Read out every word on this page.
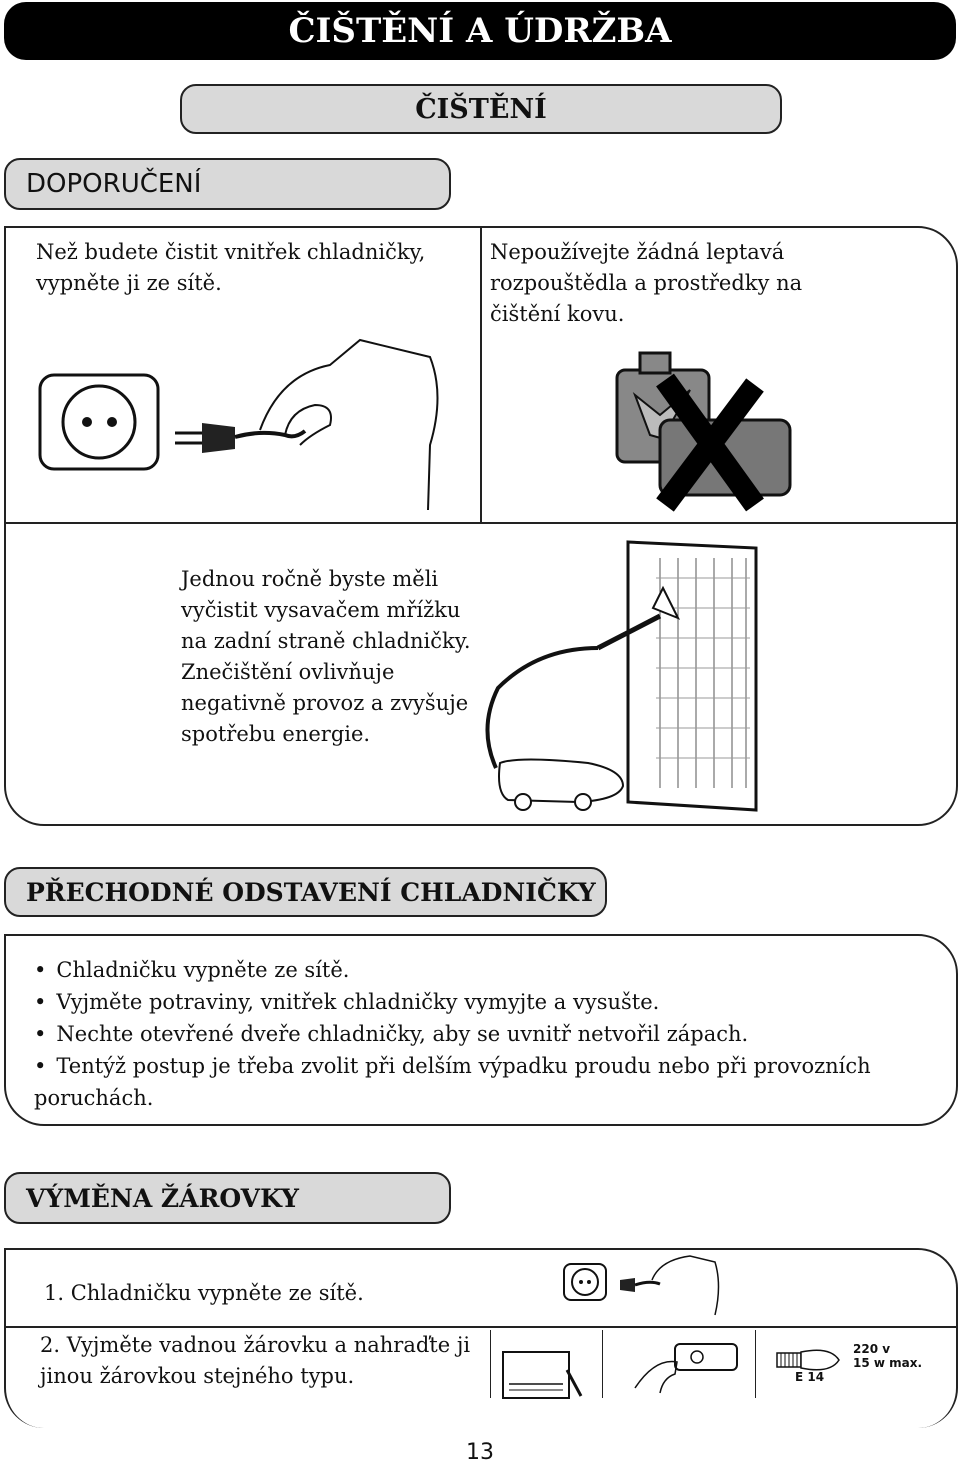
ČIŠTĚNÍ A ÚDRŽBA
ČIŠTĚNÍ
DOPORUČENÍ
Než budete čistit vnitřek chladničky, vypněte ji ze sítě.
Nepoužívejte žádná leptavá rozpouštědla a prostředky na čištění kovu.
Jednou ročně byste měli vyčistit vysavačem mřížku na zadní straně chladničky. Znečištění ovlivňuje negativně provoz a zvyšuje spotřebu energie.
PŘECHODNÉ ODSTAVENÍ CHLADNIČKY
• Chladničku vypněte ze sítě.
• Vyjměte potraviny, vnitřek chladničky vymyjte a vysušte.
• Nechte otevřené dveře chladničky, aby se uvnitř netvořil zápach.
• Tentýž postup je třeba zvolit při delším výpadku proudu nebo při provozních poruchách.
VÝMĚNA ŽÁROVKY
1. Chladničku vypněte ze sítě.
2. Vyjměte vadnou žárovku a nahraďte ji jinou žárovkou stejného typu.	E 14
220 v
15 w max.
13
